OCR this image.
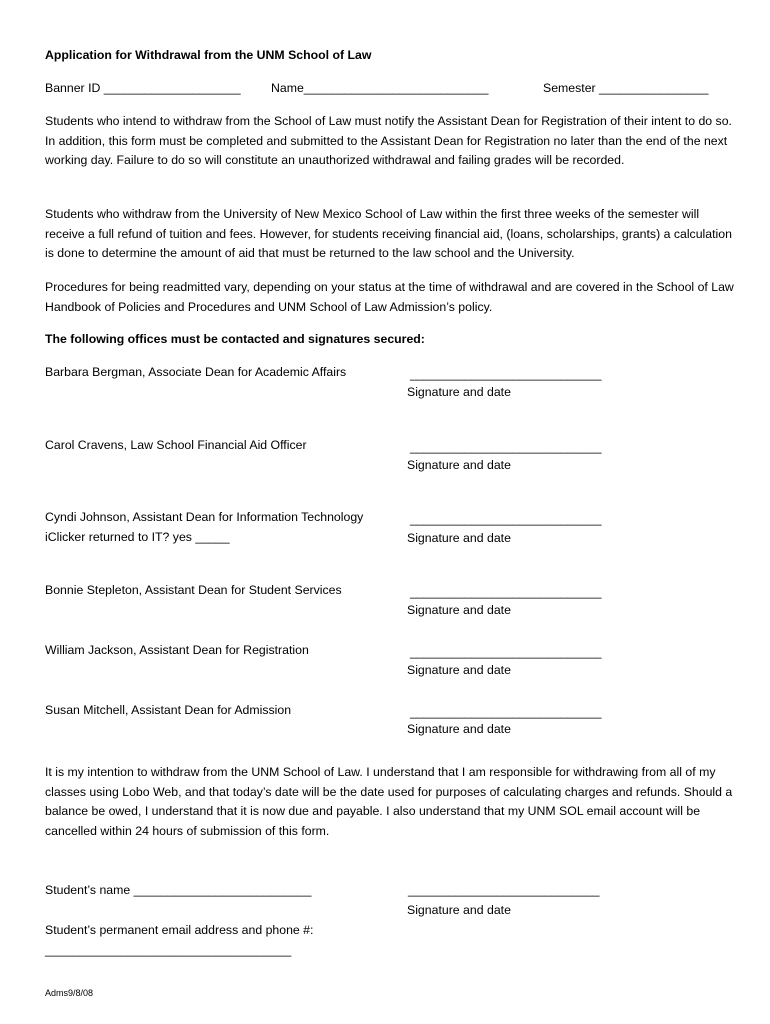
Application for Withdrawal from the UNM School of Law
Banner ID ____________________ Name___________________________	Semester ________________
Students who intend to withdraw from the School of Law must notify the Assistant Dean for Registration of their intent to do so. In addition, this form must be completed and submitted to the Assistant Dean for Registration no later than the end of the next working day. Failure to do so will constitute an unauthorized withdrawal and failing grades will be recorded.
Students who withdraw from the University of New Mexico School of Law within the first three weeks of the semester will receive a full refund of tuition and fees. However, for students receiving financial aid, (loans, scholarships, grants) a calculation is done to determine the amount of aid that must be returned to the law school and the University.
Procedures for being readmitted vary, depending on your status at the time of withdrawal and are covered in the School of Law Handbook of Policies and Procedures and UNM School of Law Admission’s policy.
The following offices must be contacted and signatures secured:
Barbara Bergman, Associate Dean for Academic Affairs	____________________________
Signature and date
Carol Cravens, Law School Financial Aid Officer	____________________________
Signature and date
Cyndi Johnson, Assistant Dean for Information Technology
iClicker returned to IT? yes _____
____________________________
Signature and date
Bonnie Stepleton, Assistant Dean for Student Services	____________________________
Signature and date
William Jackson, Assistant Dean for Registration	____________________________
Signature and date
Susan Mitchell, Assistant Dean for Admission	____________________________
Signature and date
It is my intention to withdraw from the UNM School of Law. I understand that I am responsible for withdrawing from all of my classes using Lobo Web, and that today’s date will be the date used for purposes of calculating charges and refunds. Should a balance be owed, I understand that it is now due and payable. I also understand that my UNM SOL email account will be cancelled within 24 hours of submission of this form.
Student’s name __________________________	____________________________
Signature and date
Student’s permanent email address and phone #:
____________________________________
Adms9/8/08
